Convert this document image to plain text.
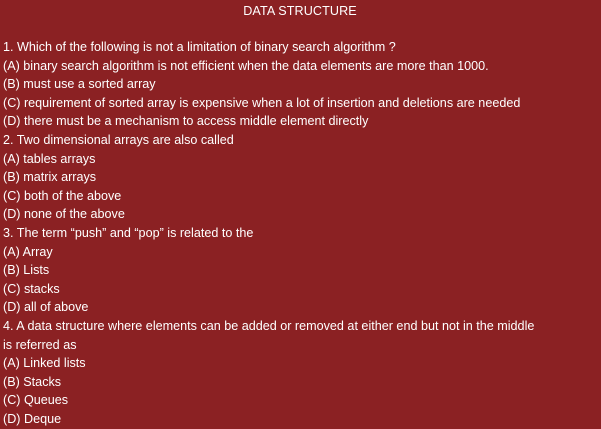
DATA STRUCTURE
1. Which of the following is not a limitation of binary search algorithm ?
(A) binary search algorithm is not efficient when the data elements are more than 1000.
(B) must use a sorted array
(C) requirement of sorted array is expensive when a lot of insertion and deletions are needed
(D) there must be a mechanism to access middle element directly
2. Two dimensional arrays are also called
(A) tables arrays
(B) matrix arrays
(C) both of the above
(D) none of the above
3. The term “push” and “pop” is related to the
(A) Array
(B) Lists
(C) stacks
(D) all of above
4. A data structure where elements can be added or removed at either end but not in the middle
is referred as
(A) Linked lists
(B) Stacks
(C) Queues
(D) Deque
